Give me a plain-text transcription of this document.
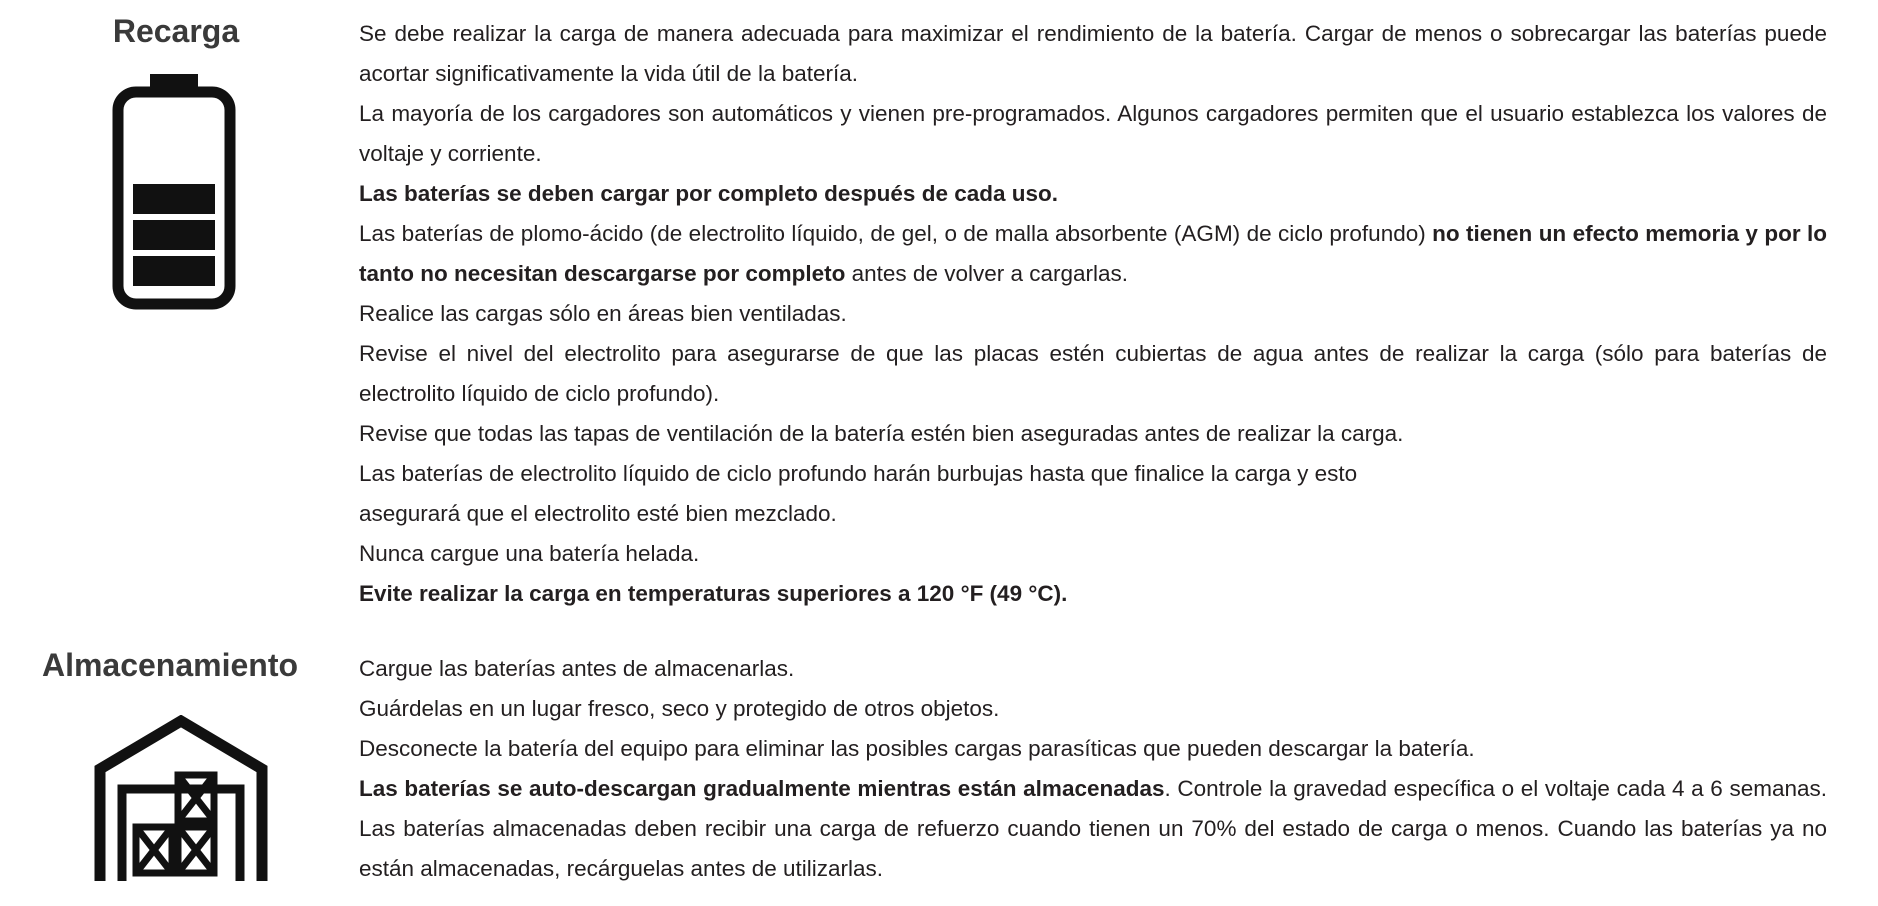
Recarga	Se debe realizar la carga de manera adecuada para maximizar el rendimiento de la batería. Cargar de menos o sobrecargar las baterías puede acortar significativamente la vida útil de la batería.

La mayoría de los cargadores son automáticos y vienen pre-programados. Algunos cargadores permiten que el usuario establezca los valores de voltaje y corriente.

Las baterías se deben cargar por completo después de cada uso.

Las baterías de plomo-ácido (de electrolito líquido, de gel, o de malla absorbente (AGM) de ciclo profundo) no tienen un efecto memoria y por lo tanto no necesitan descargarse por completo antes de volver a cargarlas.

Realice las cargas sólo en áreas bien ventiladas.

Revise el nivel del electrolito para asegurarse de que las placas estén cubiertas de agua antes de realizar la carga (sólo para baterías de electrolito líquido de ciclo profundo).

Revise que todas las tapas de ventilación de la batería estén bien aseguradas antes de realizar la carga.

Las baterías de electrolito líquido de ciclo profundo harán burbujas hasta que finalice la carga y esto

asegurará que el electrolito esté bien mezclado.

Nunca cargue una batería helada.

Evite realizar la carga en temperaturas superiores a 120 °F (49 °C).

Almacenamiento	Cargue las baterías antes de almacenarlas.

Guárdelas en un lugar fresco, seco y protegido de otros objetos.

Desconecte la batería del equipo para eliminar las posibles cargas parasíticas que pueden descargar la batería.

Las baterías se auto-descargan gradualmente mientras están almacenadas. Controle la gravedad específica o el voltaje cada 4 a 6 semanas. Las baterías almacenadas deben recibir una carga de refuerzo cuando tienen un 70% del estado de carga o menos. Cuando las baterías ya no están almacenadas, recárguelas antes de utilizarlas.
